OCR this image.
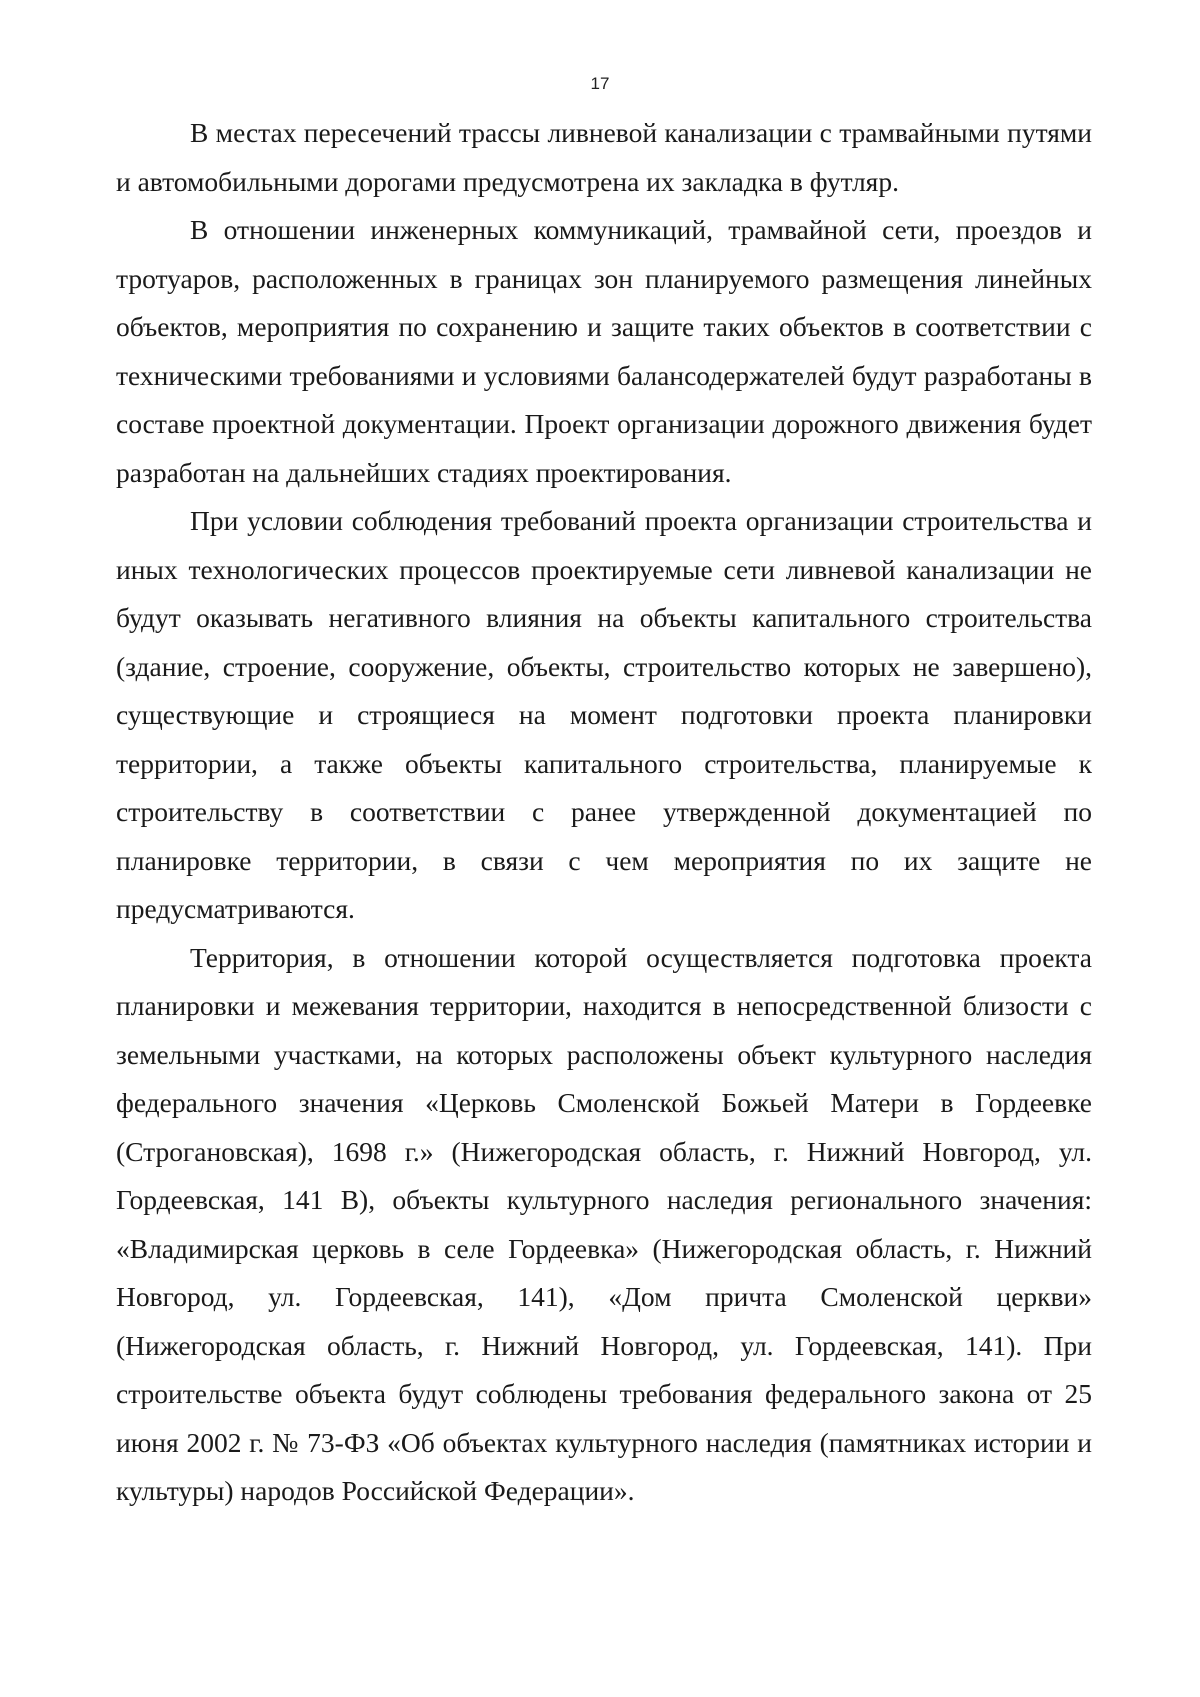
17

В местах пересечений трассы ливневой канализации с трамвайными путями и автомобильными дорогами предусмотрена их закладка в футляр.

В отношении инженерных коммуникаций, трамвайной сети, проездов и тротуаров, расположенных в границах зон планируемого размещения линейных объектов, мероприятия по сохранению и защите таких объектов в соответствии с техническими требованиями и условиями балансодержателей будут разработаны в составе проектной документации. Проект организации дорожного движения будет разработан на дальнейших стадиях проектирования.

При условии соблюдения требований проекта организации строительства и иных технологических процессов проектируемые сети ливневой канализации не будут оказывать негативного влияния на объекты капитального строительства (здание, строение, сооружение, объекты, строительство которых не завершено), существующие и строящиеся на момент подготовки проекта планировки территории, а также объекты капитального строительства, планируемые к строительству в соответствии с ранее утвержденной документацией по планировке территории, в связи с чем мероприятия по их защите не предусматриваются.

Территория, в отношении которой осуществляется подготовка проекта планировки и межевания территории, находится в непосредственной близости с земельными участками, на которых расположены объект культурного наследия федерального значения «Церковь Смоленской Божьей Матери в Гордеевке (Строгановская), 1698 г.» (Нижегородская область, г. Нижний Новгород, ул. Гордеевская, 141 В), объекты культурного наследия регионального значения: «Владимирская церковь в селе Гордеевка» (Нижегородская область, г. Нижний Новгород, ул. Гордеевская, 141), «Дом причта Смоленской церкви» (Нижегородская область, г. Нижний Новгород, ул. Гордеевская, 141). При строительстве объекта будут соблюдены требования федерального закона от 25 июня 2002 г. № 73-ФЗ «Об объектах культурного наследия (памятниках истории и культуры) народов Российской Федерации».
